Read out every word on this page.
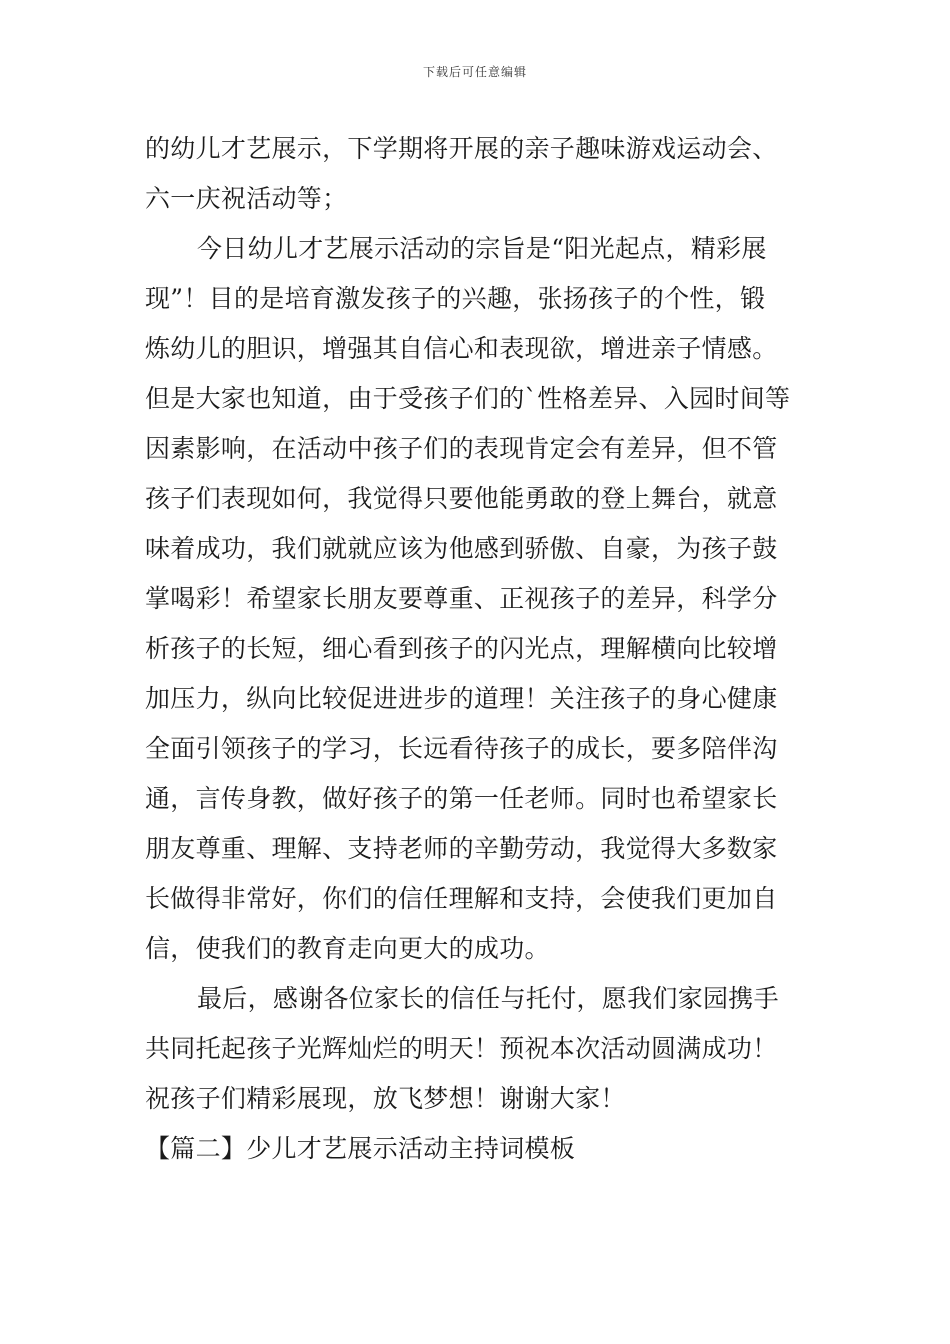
下载后可任意编辑
的幼儿才艺展示，下学期将开展的亲子趣味游戏运动会、
六一庆祝活动等；
今日幼儿才艺展示活动的宗旨是“阳光起点，精彩展
现”！目的是培育激发孩子的兴趣，张扬孩子的个性，锻
炼幼儿的胆识，增强其自信心和表现欲，增进亲子情感。
但是大家也知道，由于受孩子们的`性格差异、入园时间等
因素影响，在活动中孩子们的表现肯定会有差异，但不管
孩子们表现如何，我觉得只要他能勇敢的登上舞台，就意
味着成功，我们就就应该为他感到骄傲、自豪，为孩子鼓
掌喝彩！希望家长朋友要尊重、正视孩子的差异，科学分
析孩子的长短，细心看到孩子的闪光点，理解横向比较增
加压力，纵向比较促进进步的道理！关注孩子的身心健康
全面引领孩子的学习，长远看待孩子的成长，要多陪伴沟
通，言传身教，做好孩子的第一任老师。同时也希望家长
朋友尊重、理解、支持老师的辛勤劳动，我觉得大多数家
长做得非常好，你们的信任理解和支持，会使我们更加自
信，使我们的教育走向更大的成功。
最后，感谢各位家长的信任与托付，愿我们家园携手
共同托起孩子光辉灿烂的明天！预祝本次活动圆满成功！
祝孩子们精彩展现，放飞梦想！谢谢大家！
【篇二】少儿才艺展示活动主持词模板
